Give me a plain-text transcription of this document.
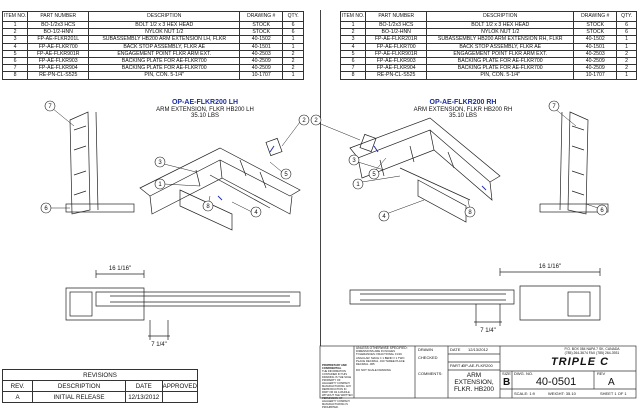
ITEM NO.	PART NUMBER	DESCRIPTION	DRAWING #	QTY.
1	BO-1/2x3 HCS	BOLT 1/2 x 3 HEX HEAD	STOCK	6
2	BO-1/2-HNN	NYLOK NUT 1/2	STOCK	6
3	FP-AE-FLKR201L	SUBASSEMBLY HB200 ARM EXTENSION LH, FLKR	40-1502	1
4	FP-AE-FLKR700	BACK STOP ASSEMBLY, FLKR AE	40-1501	1
5	FP-AE-FLKR901R	ENGAGEMENT POINT FLKR ARM EXT.	40-2503	2
6	FP-AE-FLKR903	BACKING PLATE FOR AE-FLKR700	40-2509	2
7	FP-AE-FLKR904	BACKING PLATE FOR AE-FLKR700	40-2509	2
8	RE-PN-CL-S525	PIN, CON. 5-1/4"	10-1707	1
ITEM NO.	PART NUMBER	DESCRIPTION	DRAWING #	QTY.
1	BO-1/2x3 HCS	BOLT 1/2 x 3 HEX HEAD	STOCK	6
2	BO-1/2-HNN	NYLOK NUT 1/2	STOCK	6
3	FP-AE-FLKR201R	SUBASSEMBLY HB200 ARM EXTENSION RH, FLKR	40-1502	1
4	FP-AE-FLKR700	BACK STOP ASSEMBLY, FLKR AE	40-1501	1
5	FP-AE-FLKR901R	ENGAGEMENT POINT FLKR ARM EXT.	40-2503	2
6	FP-AE-FLKR903	BACKING PLATE FOR AE-FLKR700	40-2509	2
7	FP-AE-FLKR904	BACKING PLATE FOR AE-FLKR700	40-2509	2
8	RE-PN-CL-S525	PIN, CON. 5-1/4"	10-1707	1
OP-AE-FLKR200 LH
ARM EXTENSION, FLKR HB200 LH
35.10 LBS
OP-AE-FLKR200 RH
ARM EXTENSION, FLKR HB200 RH
35.10 LBS
7
6
3
1
5
2
4
8
7
6
3
1
5
2
4
8
16 1/16"
7 1/4"
16 1/16"
7 1/4"
REVISIONS			
REV.	DESCRIPTION	DATE	APPROVED
A	INITIAL RELEASE	12/13/2012	
PROPRIETARY AND CONFIDENTIAL
THE INFORMATION CONTAINED IN THIS DRAWING IS THE SOLE PROPERTY OF HAGGERTY COMPANY MANUFACTURING. ANY REPRODUCTION IN PART OR AS A WHOLE WITHOUT THE WRITTEN PERMISSION OF HAGGERTY COMPANY MANUFACTURING IS PROHIBITED.
DIMENSIONS ARE IN INCHES TOLERANCES: FRACTIONAL ±1/16 ANGULAR: MACH ± 1 BEND ± 1 TWO PLACE DECIMAL .010 THREE PLACE DECIMAL .005
DO NOT SCALE DRAWING
UNLESS OTHERWISE SPECIFIED:	DRAWN
CHECKED
DATE 12/13/2012
PART #
OP-AE-FLKR200
COMMENTS:	ARM EXTENSION, FLKR. HB200
P.O. BOX 084 NAPA 7 SK, CANADA
(785) 264-3674 FAX (785) 264-3931
TRIPLE C
SIZE
B
DWG. NO.
40-0501
REV
A
SCALE: 1:9	WEIGHT: 35.10	SHEET 1 OF 1
